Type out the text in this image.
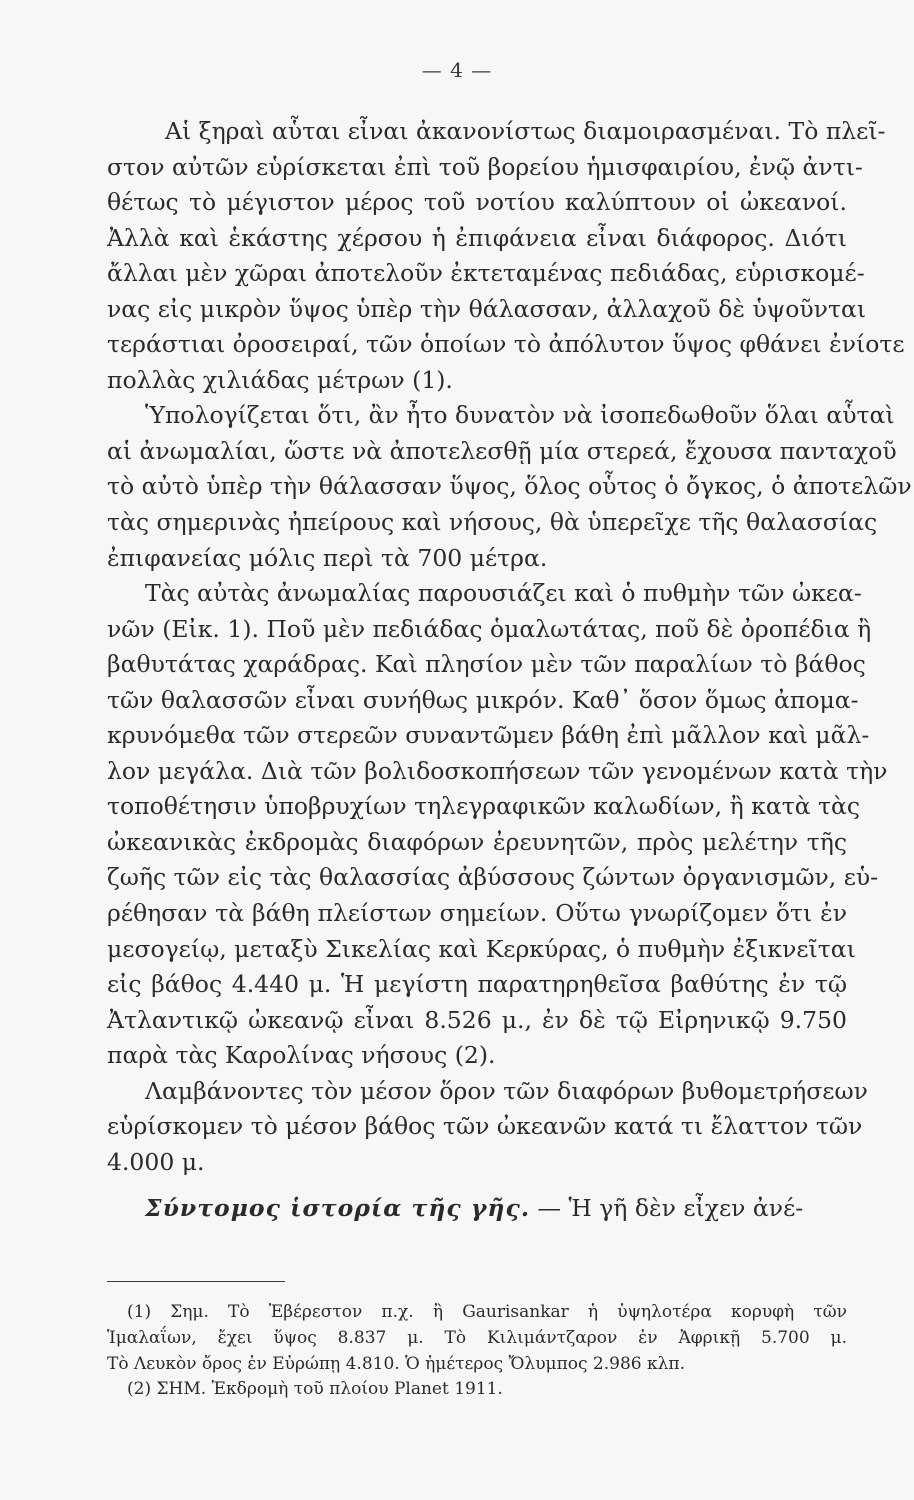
— 4 —
Αἱ ξηραὶ αὗται εἶναι ἀκανονίστως διαμοιρασμέναι. Τὸ πλεῖ-
στον αὐτῶν εὑρίσκεται ἐπὶ τοῦ βορείου ἡμισφαιρίου, ἐνῷ ἀντι-
θέτως τὸ μέγιστον μέρος τοῦ νοτίου καλύπτουν οἱ ὠκεανοί.
Ἀλλὰ καὶ ἑκάστης χέρσου ἡ ἐπιφάνεια εἶναι διάφορος. Διότι
ἄλλαι μὲν χῶραι ἀποτελοῦν ἐκτεταμένας πεδιάδας, εὑρισκομέ-
νας εἰς μικρὸν ὕψος ὑπὲρ τὴν θάλασσαν, ἀλλαχοῦ δὲ ὑψοῦνται
τεράστιαι ὀροσειραί, τῶν ὁποίων τὸ ἀπόλυτον ὕψος φθάνει ἐνίοτε
πολλὰς χιλιάδας μέτρων (1).
Ὑπολογίζεται ὅτι, ἂν ἦτο δυνατὸν νὰ ἰσοπεδωθοῦν ὅλαι αὗταὶ
αἱ ἀνωμαλίαι, ὥστε νὰ ἀποτελεσθῇ μία στερεά, ἔχουσα πανταχοῦ
τὸ αὐτὸ ὑπὲρ τὴν θάλασσαν ὕψος, ὅλος οὗτος ὁ ὄγκος, ὁ ἀποτελῶν
τὰς σημερινὰς ἠπείρους καὶ νήσους, θὰ ὑπερεῖχε τῆς θαλασσίας
ἐπιφανείας μόλις περὶ τὰ 700 μέτρα.
Τὰς αὐτὰς ἀνωμαλίας παρουσιάζει καὶ ὁ πυθμὴν τῶν ὠκεα-
νῶν (Εἰκ. 1). Ποῦ μὲν πεδιάδας ὁμαλωτάτας, ποῦ δὲ ὀροπέδια ἢ
βαθυτάτας χαράδρας. Καὶ πλησίον μὲν τῶν παραλίων τὸ βάθος
τῶν θαλασσῶν εἶναι συνήθως μικρόν. Καθ᾽ ὅσον ὅμως ἀπομα-
κρυνόμεθα τῶν στερεῶν συναντῶμεν βάθη ἐπὶ μᾶλλον καὶ μᾶλ-
λον μεγάλα. Διὰ τῶν βολιδοσκοπήσεων τῶν γενομένων κατὰ τὴν
τοποθέτησιν ὑποβρυχίων τηλεγραφικῶν καλωδίων, ἢ κατὰ τὰς
ὠκεανικὰς ἐκδρομὰς διαφόρων ἐρευνητῶν, πρὸς μελέτην τῆς
ζωῆς τῶν εἰς τὰς θαλασσίας ἀβύσσους ζώντων ὀργανισμῶν, εὑ-
ρέθησαν τὰ βάθη πλείστων σημείων. Οὕτω γνωρίζομεν ὅτι ἐν
μεσογείῳ, μεταξὺ Σικελίας καὶ Κερκύρας, ὁ πυθμὴν ἐξικνεῖται
εἰς βάθος 4.440 μ. Ἡ μεγίστη παρατηρηθεῖσα βαθύτης ἐν τῷ
Ἀτλαντικῷ ὠκεανῷ εἶναι 8.526 μ., ἐν δὲ τῷ Εἰρηνικῷ 9.750
παρὰ τὰς Καρολίνας νήσους (2).
Λαμβάνοντες τὸν μέσον ὅρον τῶν διαφόρων βυθομετρήσεων
εὑρίσκομεν τὸ μέσον βάθος τῶν ὠκεανῶν κατά τι ἔλαττον τῶν
4.000 μ.
Σύντομος ἱστορία τῆς γῆς. — Ἡ γῆ δὲν εἶχεν ἀνέ-
(1) Σημ. Τὸ Ἐβέρεστον π.χ. ἢ Gaurisankar ἡ ὑψηλοτέρα κορυφὴ τῶν
Ἱμαλαΐων, ἔχει ὕψος 8.837 μ. Τὸ Κιλιμάντζαρον ἐν Ἀφρικῇ 5.700 μ.
Τὸ Λευκὸν ὄρος ἐν Εὐρώπῃ 4.810. Ὁ ἡμέτερος Ὄλυμπος 2.986 κλπ.
(2) ΣΗΜ. Ἐκδρομὴ τοῦ πλοίου Planet 1911.
